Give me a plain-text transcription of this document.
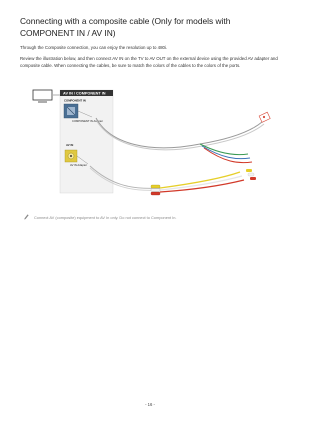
Connecting with a composite cable (Only for models with COMPONENT IN / AV IN)

Through the Composite connection, you can enjoy the resolution up to 480i.

Review the illustration below, and then connect AV IN on the TV to AV OUT on the external device using the provided AV adapter and composite cable. When connecting the cables, be sure to match the colors of the cables to the colors of the ports.

AV IN / COMPONENT IN
COMPONENT IN
COMPONENT IN Adapter
AV IN
AV IN Adapter

Connect AV (composite) equipment to AV In only. Do not connect to Component In.

- 16 -
